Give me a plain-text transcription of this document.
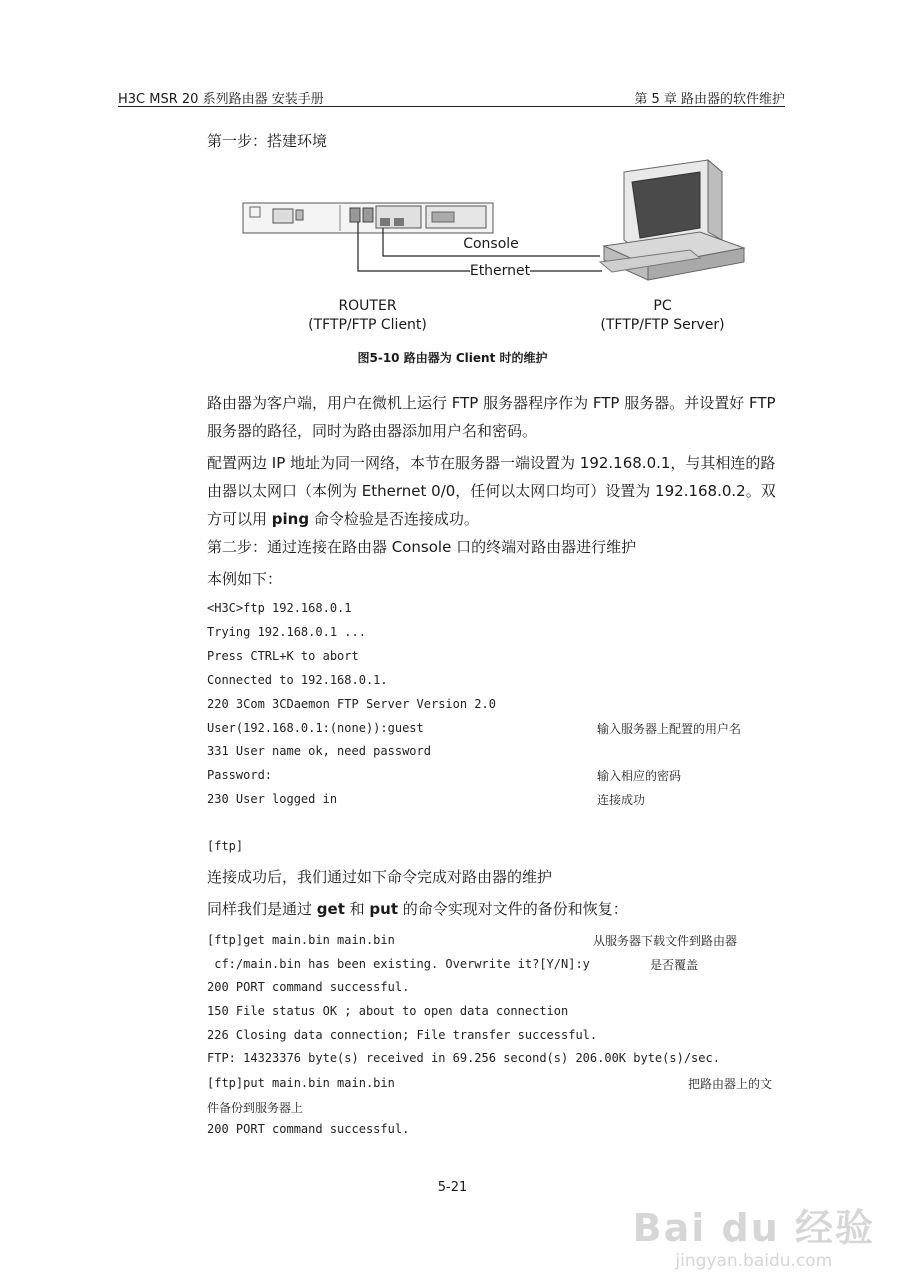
H3C MSR 20 系列路由器 安装手册	第 5 章 路由器的软件维护
第一步：搭建环境
Console
Ethernet
ROUTER
(TFTP/FTP Client)
PC
(TFTP/FTP Server)
图5-10 路由器为 Client 时的维护

路由器为客户端，用户在微机上运行 FTP 服务器程序作为 FTP 服务器。并设置好 FTP 服务器的路径，同时为路由器添加用户名和密码。

配置两边 IP 地址为同一网络，本节在服务器一端设置为 192.168.0.1，与其相连的路由器以太网口（本例为 Ethernet 0/0，任何以太网口均可）设置为 192.168.0.2。双方可以用 ping 命令检验是否连接成功。

第二步：通过连接在路由器 Console 口的终端对路由器进行维护
本例如下：
<H3C>ftp 192.168.0.1
Trying 192.168.0.1 ...
Press CTRL+K to abort
Connected to 192.168.0.1.
220 3Com 3CDaemon FTP Server Version 2.0
User(192.168.0.1:(none)):guest
331 User name ok, need password
Password:
230 User logged in
[ftp]
输入服务器上配置的用户名
输入相应的密码
连接成功
连接成功后，我们通过如下命令完成对路由器的维护
同样我们是通过 get 和 put 的命令实现对文件的备份和恢复：
[ftp]get main.bin main.bin
cf:/main.bin has been existing. Overwrite it?[Y/N]:y
200 PORT command successful.
150 File status OK ; about to open data connection
226 Closing data connection; File transfer successful.
FTP: 14323376 byte(s) received in 69.256 second(s) 206.00K byte(s)/sec.
[ftp]put main.bin main.bin
从服务器下载文件到路由器
是否覆盖
把路由器上的文
件备份到服务器上
200 PORT command successful.
5-21
Bai du 经验
jingyan.baidu.com
